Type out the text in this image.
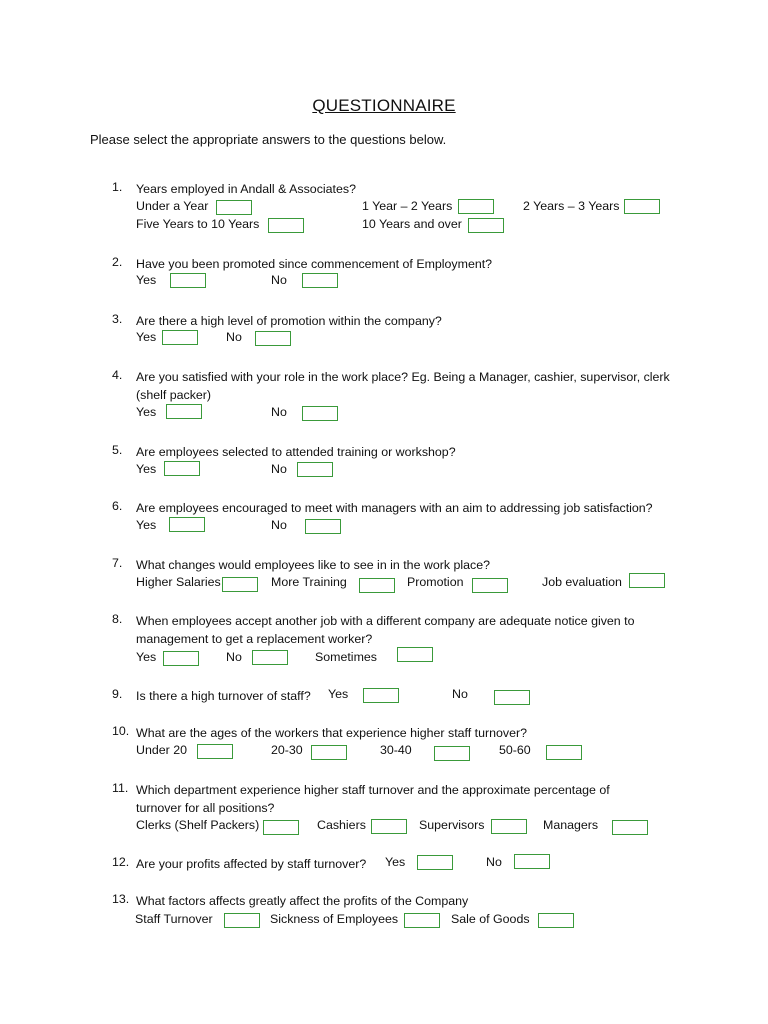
QUESTIONNAIRE
Please select the appropriate answers to the questions below.
1. Years employed in Andall & Associates?
Under a Year	1 Year – 2 Years	2 Years – 3 Years
Five Years to 10 Years	10 Years and over
2. Have you been promoted since commencement of Employment?
Yes	No
3. Are there a high level of promotion within the company?
Yes	No
4. Are you satisfied with your role in the work place? Eg. Being a Manager, cashier, supervisor, clerk (shelf packer)
Yes	No
5. Are employees selected to attended training or workshop?
Yes	No
6. Are employees encouraged to meet with managers with an aim to addressing job satisfaction?
Yes	No
7. What changes would employees like to see in in the work place?
Higher Salaries	More Training	Promotion	Job evaluation
8. When employees accept another job with a different company are adequate notice given to management to get a replacement worker?
Yes	No	Sometimes
9. Is there a high turnover of staff?	Yes	No
10. What are the ages of the workers that experience higher staff turnover?
Under 20	20-30	30-40	50-60
11. Which department experience higher staff turnover and the approximate percentage of turnover for all positions?
Clerks (Shelf Packers)	Cashiers	Supervisors	Managers
12. Are your profits affected by staff turnover?	Yes	No
13. What factors affects greatly affect the profits of the Company
Staff Turnover	Sickness of Employees	Sale of Goods
